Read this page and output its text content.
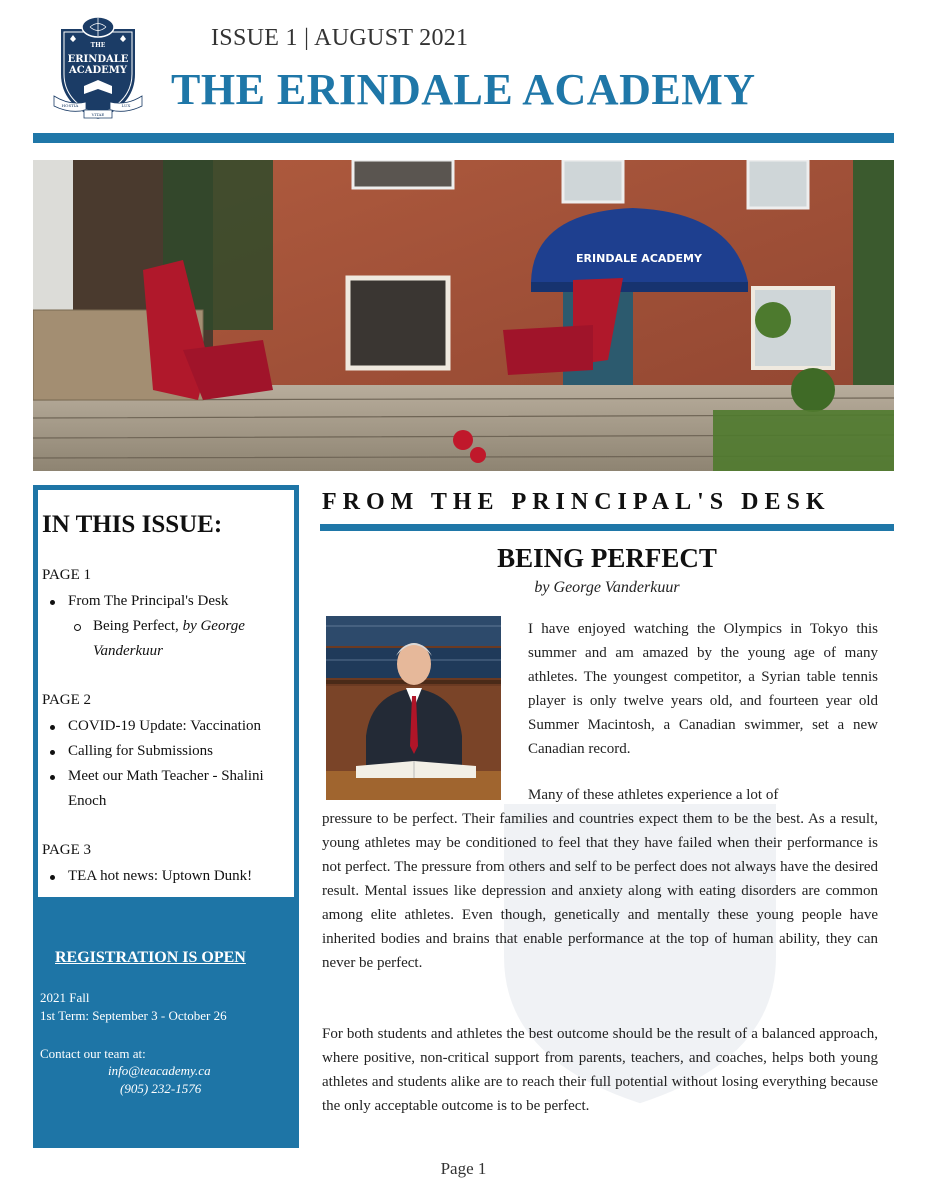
THE
ERINDALE
ACADEMY
HOSTIA
VITAE
LUX
ISSUE 1 | AUGUST 2021
THE ERINDALE ACADEMY
ERINDALE ACADEMY
IN THIS ISSUE:
PAGE 1
From The Principal's Desk
Being Perfect, by George
Vanderkuur
PAGE 2
COVID-19 Update: Vaccination
Calling for Submissions
Meet our Math Teacher - Shalini
Enoch
PAGE 3
TEA hot news: Uptown Dunk!
REGISTRATION IS OPEN
2021 Fall
1st Term: September 3 - October 26
Contact our team at:
info@teacademy.ca
(905) 232-1576
FROM THE PRINCIPAL'S DESK
BEING PERFECT
by George Vanderkuur
I have enjoyed watching the Olympics in Tokyo this summer and am amazed by the young age of many athletes. The youngest competitor, a Syrian table tennis player is only twelve years old, and fourteen year old Summer Macintosh, a Canadian swimmer, set a new Canadian record.
Many of these athletes experience a lot of
pressure to be perfect. Their families and countries expect them to be the best. As a result, young athletes may be conditioned to feel that they have failed when their performance is not perfect. The pressure from others and self to be perfect does not always have the desired result. Mental issues like depression and anxiety along with eating disorders are common among elite athletes. Even though, genetically and mentally these young people have inherited bodies and brains that enable performance at the top of human ability, they can never be perfect.
For both students and athletes the best outcome should be the result of a balanced approach, where positive, non-critical support from parents, teachers, and coaches, helps both young athletes and students alike are to reach their full potential without losing everything because the only acceptable outcome is to be perfect.
Page 1
